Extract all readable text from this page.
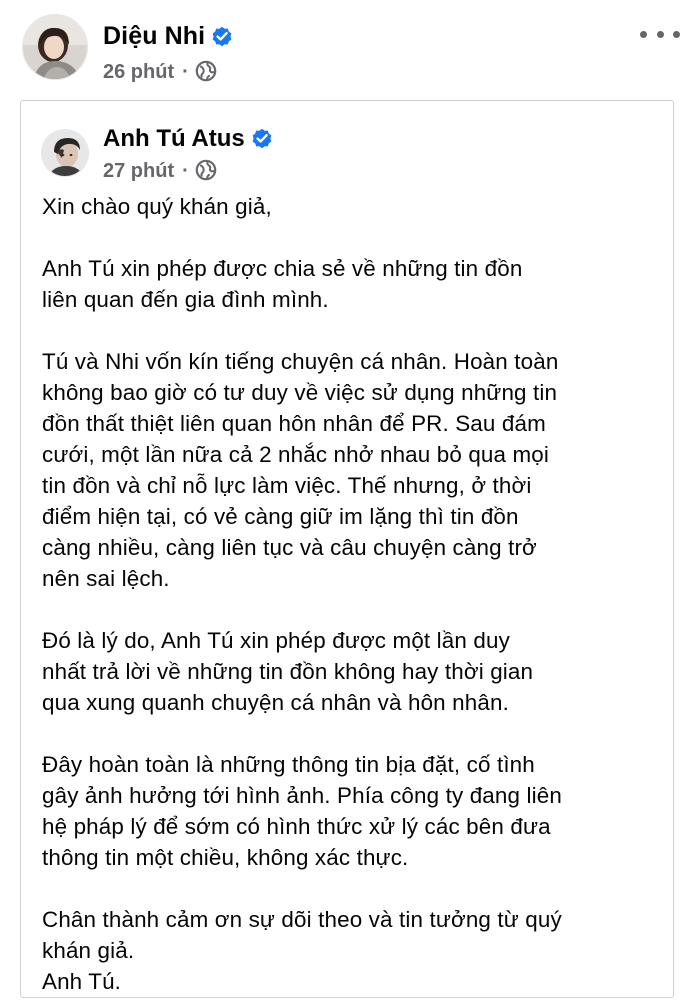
Diệu Nhi
26 phút ·
Anh Tú Atus
27 phút ·

Xin chào quý khán giả,

Anh Tú xin phép được chia sẻ về những tin đồn
liên quan đến gia đình mình.

Tú và Nhi vốn kín tiếng chuyện cá nhân. Hoàn toàn
không bao giờ có tư duy về việc sử dụng những tin
đồn thất thiệt liên quan hôn nhân để PR. Sau đám
cưới, một lần nữa cả 2 nhắc nhở nhau bỏ qua mọi
tin đồn và chỉ nỗ lực làm việc. Thế nhưng, ở thời
điểm hiện tại, có vẻ càng giữ im lặng thì tin đồn
càng nhiều, càng liên tục và câu chuyện càng trở
nên sai lệch.

Đó là lý do, Anh Tú xin phép được một lần duy
nhất trả lời về những tin đồn không hay thời gian
qua xung quanh chuyện cá nhân và hôn nhân.

Đây hoàn toàn là những thông tin bịa đặt, cố tình
gây ảnh hưởng tới hình ảnh. Phía công ty đang liên
hệ pháp lý để sớm có hình thức xử lý các bên đưa
thông tin một chiều, không xác thực.

Chân thành cảm ơn sự dõi theo và tin tưởng từ quý
khán giả.
Anh Tú.
